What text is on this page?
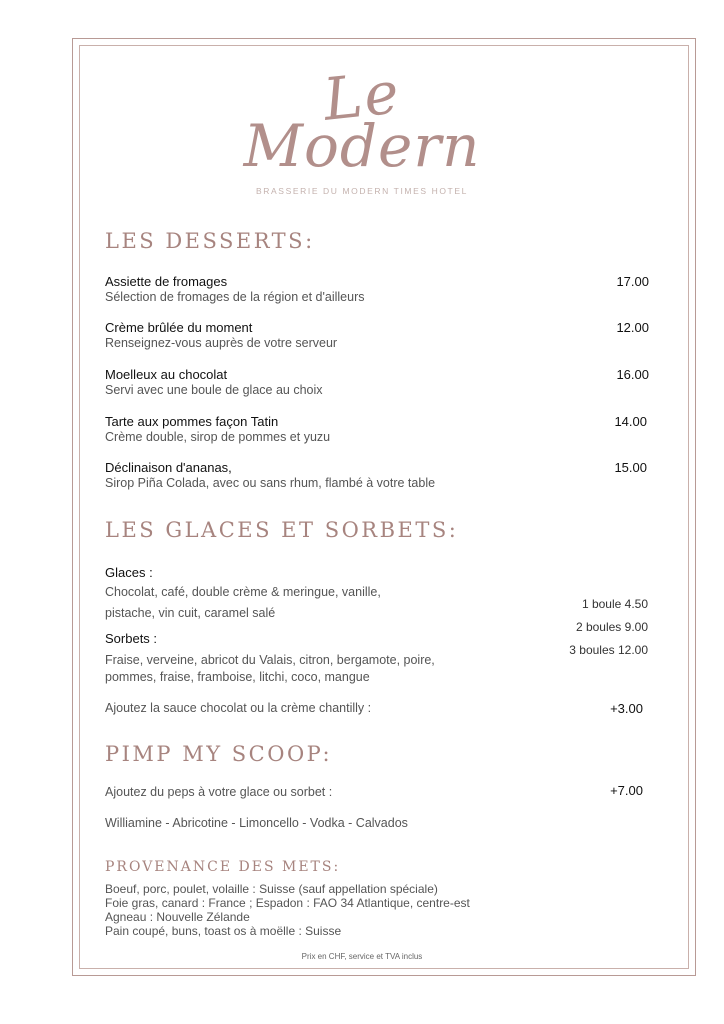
Le
Modern
BRASSERIE DU MODERN TIMES HOTEL
LES DESSERTS:
Assiette de fromages
Sélection de fromages de la région et d'ailleurs
17.00
Crème brûlée du moment
Renseignez-vous auprès de votre serveur
12.00
Moelleux au chocolat
Servi avec une boule de glace au choix
16.00
Tarte aux pommes façon Tatin
Crème double, sirop de pommes et yuzu
14.00
Déclinaison d'ananas,
Sirop Piña Colada, avec ou sans rhum, flambé à votre table
15.00
LES GLACES ET SORBETS:
Glaces :
Chocolat, café, double crème & meringue, vanille,
pistache, vin cuit, caramel salé
Sorbets :
Fraise, verveine, abricot du Valais, citron, bergamote, poire,
pommes, fraise, framboise, litchi, coco, mangue
1 boule 4.50
2 boules 9.00
3 boules 12.00
Ajoutez la sauce chocolat ou la crème chantilly :	+3.00
PIMP MY SCOOP:
Ajoutez du peps à votre glace ou sorbet :	+7.00
Williamine - Abricotine - Limoncello - Vodka - Calvados
PROVENANCE DES METS:
Boeuf, porc, poulet, volaille : Suisse (sauf appellation spéciale)
Foie gras, canard : France ; Espadon : FAO 34 Atlantique, centre-est
Agneau : Nouvelle Zélande
Pain coupé, buns, toast os à moëlle : Suisse
Prix en CHF, service et TVA inclus
